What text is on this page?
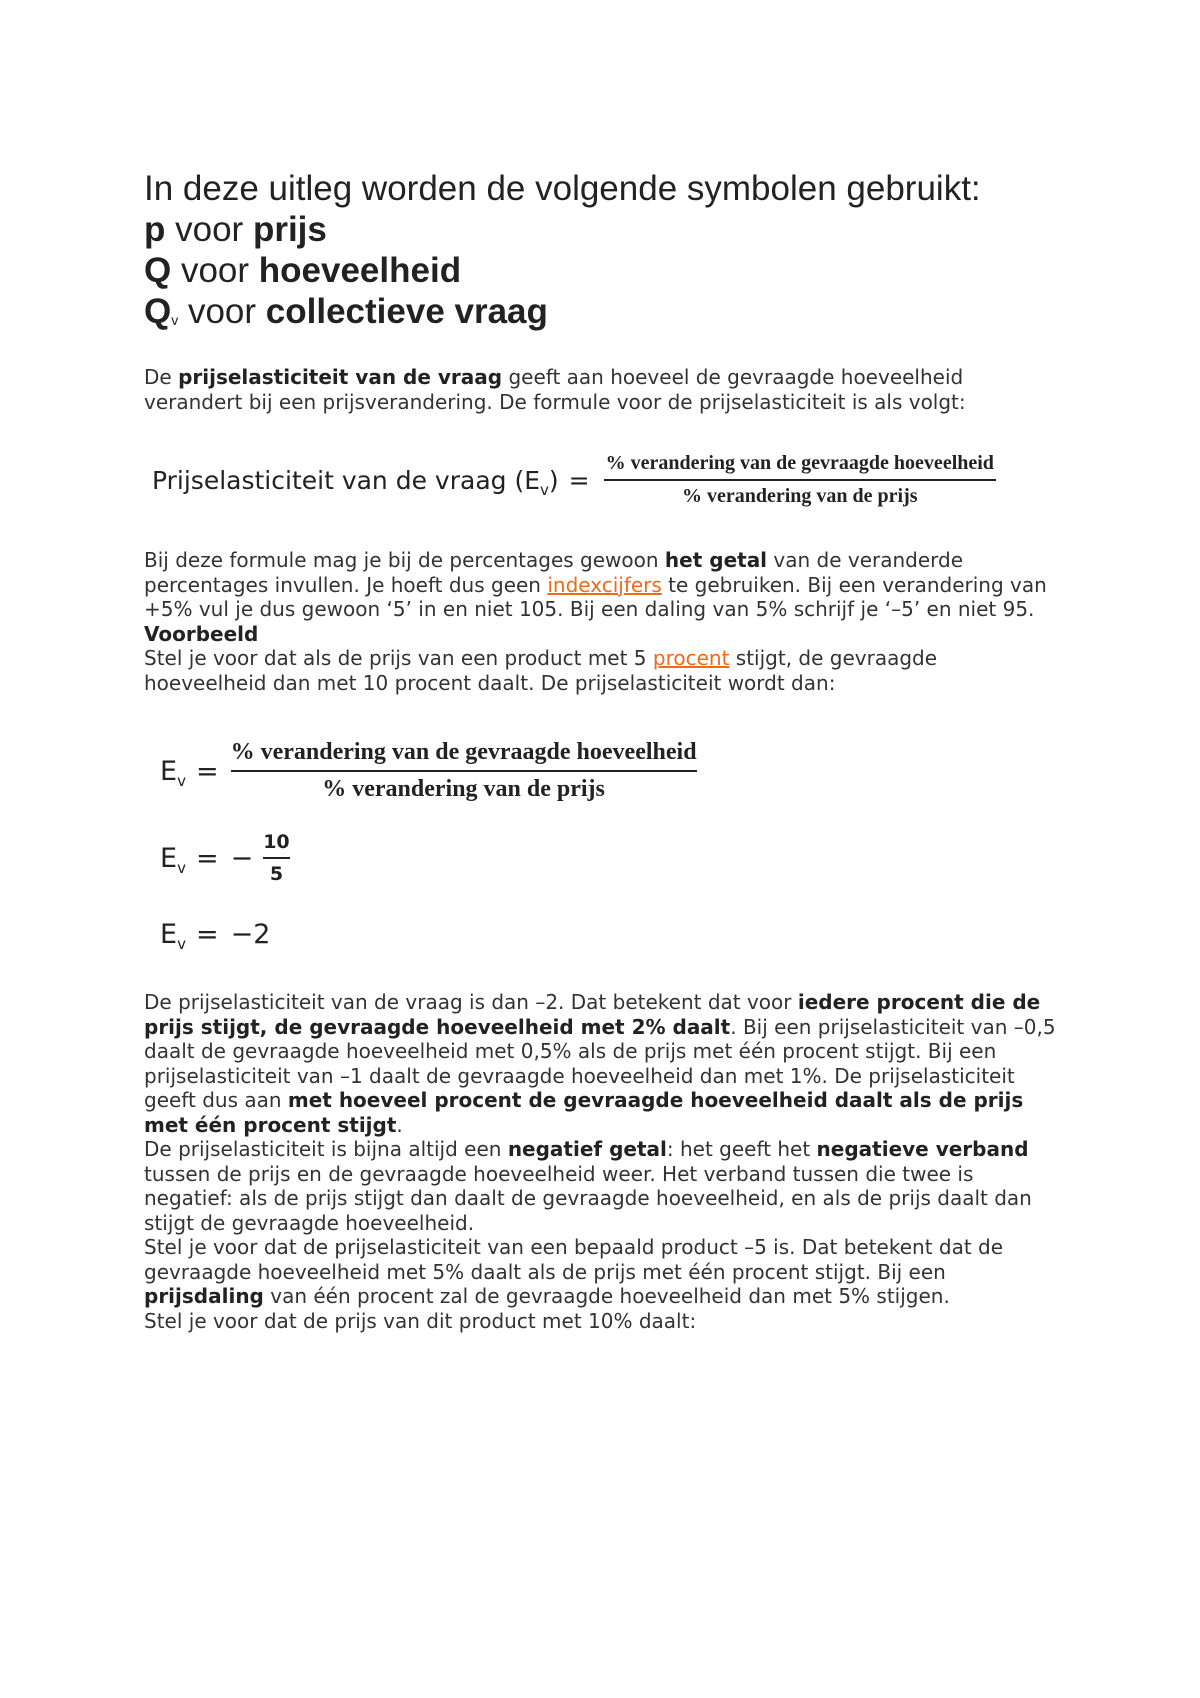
In deze uitleg worden de volgende symbolen gebruikt:
p voor prijs
Q voor hoeveelheid
$Q_v$ voor collectieve vraag

De prijselasticiteit van de vraag geeft aan hoeveel de gevraagde hoeveelheid verandert bij een prijsverandering. De formule voor de prijselasticiteit is als volgt:

Prijselasticiteit van de vraag $(E_v) = \frac{\text{\% verandering van de gevraagde hoeveelheid}}{\text{\% verandering van de prijs}}$

Bij deze formule mag je bij de percentages gewoon het getal van de veranderde percentages invullen. Je hoeft dus geen indexcijfers te gebruiken. Bij een verandering van +5% vul je dus gewoon ‘5’ in en niet 105. Bij een daling van 5% schrijf je ‘–5’ en niet 95.

Voorbeeld
Stel je voor dat als de prijs van een product met 5 procent stijgt, de gevraagde hoeveelheid dan met 10 procent daalt. De prijselasticiteit wordt dan:
$E_v = \frac{\text{\% verandering van de gevraagde hoeveelheid}}{\text{\% verandering van de prijs}}$
$E_v$ = − $\frac{10}{5}$
$E_v = -2$
De prijselasticiteit van de vraag is dan –2. Dat betekent dat voor iedere procent die de prijs stijgt, de gevraagde hoeveelheid met 2% daalt. Bij een prijselasticiteit van –0,5 daalt de gevraagde hoeveelheid met 0,5% als de prijs met één procent stijgt. Bij een prijselasticiteit van –1 daalt de gevraagde hoeveelheid dan met 1%. De prijselasticiteit geeft dus aan met hoeveel procent de gevraagde hoeveelheid daalt als de prijs met één procent stijgt.
De prijselasticiteit is bijna altijd een negatief getal: het geeft het negatieve verband tussen de prijs en de gevraagde hoeveelheid weer. Het verband tussen die twee is negatief: als de prijs stijgt dan daalt de gevraagde hoeveelheid, en als de prijs daalt dan stijgt de gevraagde hoeveelheid.
Stel je voor dat de prijselasticiteit van een bepaald product –5 is. Dat betekent dat de gevraagde hoeveelheid met 5% daalt als de prijs met één procent stijgt. Bij een prijsdaling van één procent zal de gevraagde hoeveelheid dan met 5% stijgen.
Stel je voor dat de prijs van dit product met 10% daalt:
